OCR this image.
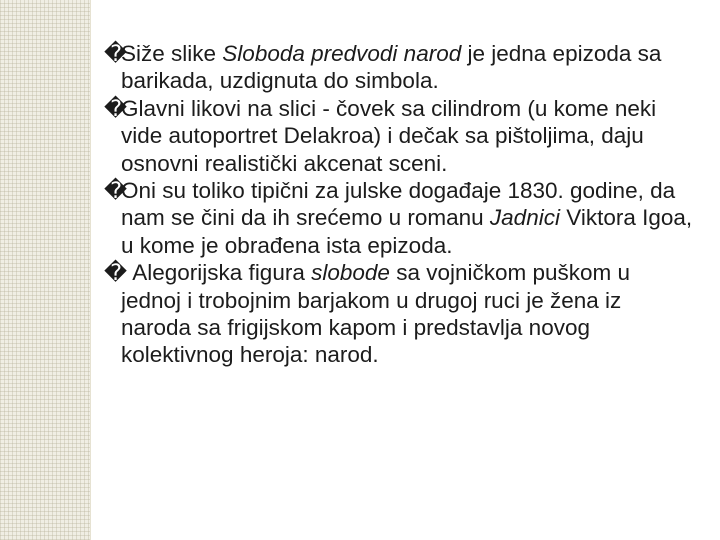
�
Siže slike Sloboda predvodi narod je jedna epizoda sa barikada, uzdignuta do simbola.
�
Glavni likovi na slici - čovek sa cilindrom (u kome neki vide autoportret Delakroa) i dečak sa pištoljima, daju osnovni realistički akcenat sceni.
�
Oni su toliko tipični za julske događaje 1830. godine, da nam se čini da ih srećemo u romanu Jadnici Viktora Igoa, u kome je obrađena ista epizoda.
�
Alegorijska figura slobode sa vojničkom puškom u jednoj i trobojnim barjakom u drugoj ruci je žena iz naroda sa frigijskom kapom i predstavlja novog kolektivnog heroja: narod.
